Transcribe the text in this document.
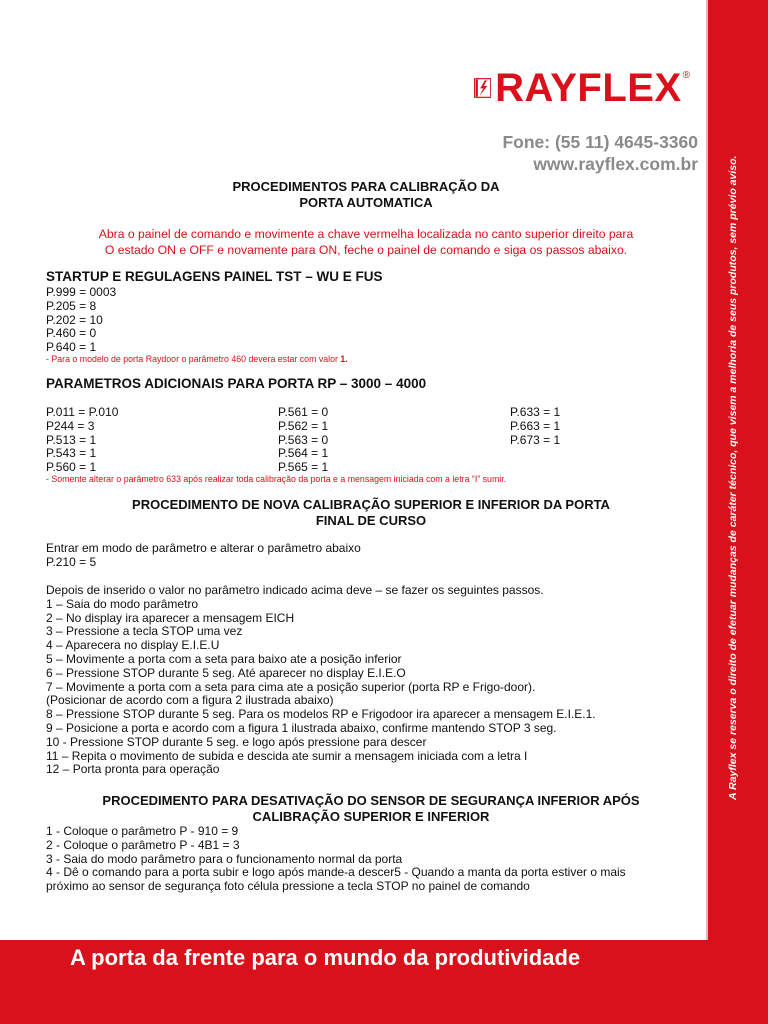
A Rayflex se reserva o direito de efetuar mudanças de caráter técnico, que visem a melhoria de seus produtos, sem prévio aviso.
RAYFLEX ®
Fone: (55 11) 4645-3360
www.rayflex.com.br
PROCEDIMENTOS PARA CALIBRAÇÃO DA
PORTA AUTOMATICA
Abra o painel de comando e movimente a chave vermelha localizada no canto superior direito para
O estado ON e OFF e novamente para ON, feche o painel de comando e siga os passos abaixo.
STARTUP E REGULAGENS PAINEL TST – WU E FUS
P.999 = 0003
P.205 = 8
P.202 = 10
P.460 = 0
P.640 = 1
- Para o modelo de porta Raydoor o parâmetro 460 devera estar com valor 1.
PARAMETROS ADICIONAIS PARA PORTA RP – 3000 – 4000
P.011 = P.010
P244 = 3
P.513 = 1
P.543 = 1
P.560 = 1
P.561 = 0
P.562 = 1
P.563 = 0
P.564 = 1
P.565 = 1
P.633 = 1
P.663 = 1
P.673 = 1
- Somente alterar o parâmetro 633 após realizar toda calibração da porta e a mensagem iniciada com a letra “I” sumir.
PROCEDIMENTO DE NOVA CALIBRAÇÃO SUPERIOR E INFERIOR DA PORTA
FINAL DE CURSO
Entrar em modo de parâmetro e alterar o parâmetro abaixo
P.210 = 5
Depois de inserido o valor no parâmetro indicado acima deve – se fazer os seguintes passos.
1 – Saia do modo parâmetro
2 – No display ira aparecer a mensagem EICH
3 – Pressione a tecla STOP uma vez
4 – Aparecera no display E.I.E.U
5 – Movimente a porta com a seta para baixo ate a posição inferior
6 – Pressione STOP durante 5 seg. Até aparecer no display E.I.E.O
7 – Movimente a porta com a seta para cima ate a posição superior (porta RP e Frigo-door).
(Posicionar de acordo com a figura 2 ilustrada abaixo)
8 – Pressione STOP durante 5 seg. Para os modelos RP e Frigodoor ira aparecer a mensagem E.I.E.1.
9 – Posicione a porta e acordo com a figura 1 ilustrada abaixo, confirme mantendo STOP 3 seg.
10 - Pressione STOP durante 5 seg. e logo após pressione para descer
11 – Repita o movimento de subida e descida ate sumir a mensagem iniciada com a letra I
12 – Porta pronta para operação
PROCEDIMENTO PARA DESATIVAÇÃO DO SENSOR DE SEGURANÇA INFERIOR APÓS
CALIBRAÇÃO SUPERIOR E INFERIOR
1 - Coloque o parâmetro P - 910 = 9
2 - Coloque o parâmetro P - 4B1 = 3
3 - Saia do modo parâmetro para o funcionamento normal da porta
4 - Dê o comando para a porta subir e logo após mande-a descer5 - Quando a manta da porta estiver o mais
próximo ao sensor de segurança foto célula pressione a tecla STOP no painel de comando
A porta da frente para o mundo da produtividade
